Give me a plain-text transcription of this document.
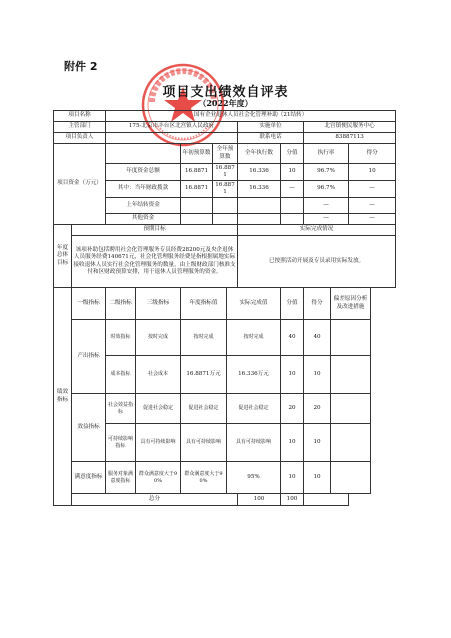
附件 2
项目支出绩效自评表
（2022年度）
项目名称		国有企业退休人员社会化管理补助（21结转）									
主管部门		175-北京市丰台区北宫镇人民政府					实施单位		北宫镇便民服务中心		
项目负责人							联系电话		83887113		
项目资金（万元）				年初预算数	全年预算数		全年执行数	分值	执行率		得分
		年度资金总额		16.8871	16.8871		16.336	10	96.7%		10
		其中：当年财政拨款		16.8871	16.8871		16.336	—	96.7%		—
		上年结转资金							—		—
		其他资金							—		—
年度总体目标	预期目标						实际完成情况				
	该项补助包括聘用社会化管理服务专员经费28200元及央企退休人员服务经费140671元，社会化管理服务经费是指根据属地实际接收退休人员实行社会化管理服务的数量，由上级财政部门核准支付和区财政预算安排，用于退休人员管理服务的资金。						已按照活动开展及专员录用实际发放。				
绩效指标	一级指标	二级指标	三级指标	年度指标值		实际完成值		分值	得分	偏差原因分析及改进措施	
	产出指标	时效指标	按时完成	按时完成		按时完成		40	40		
		成本指标	社会成本	16.8871万元		16.336万元		10	10		
	效益指标	社会效益指标	促进社会稳定	促进社会稳定		促进社会稳定		20	20		
		可持续影响指标	具有可持续影响	具有可持续影响		具有可持续影响		10	10		
	满意度指标	服务对象满意度指标	群众满意度大于90%	群众满意度大于90%		95%		10	10		
	总分						100	100			
